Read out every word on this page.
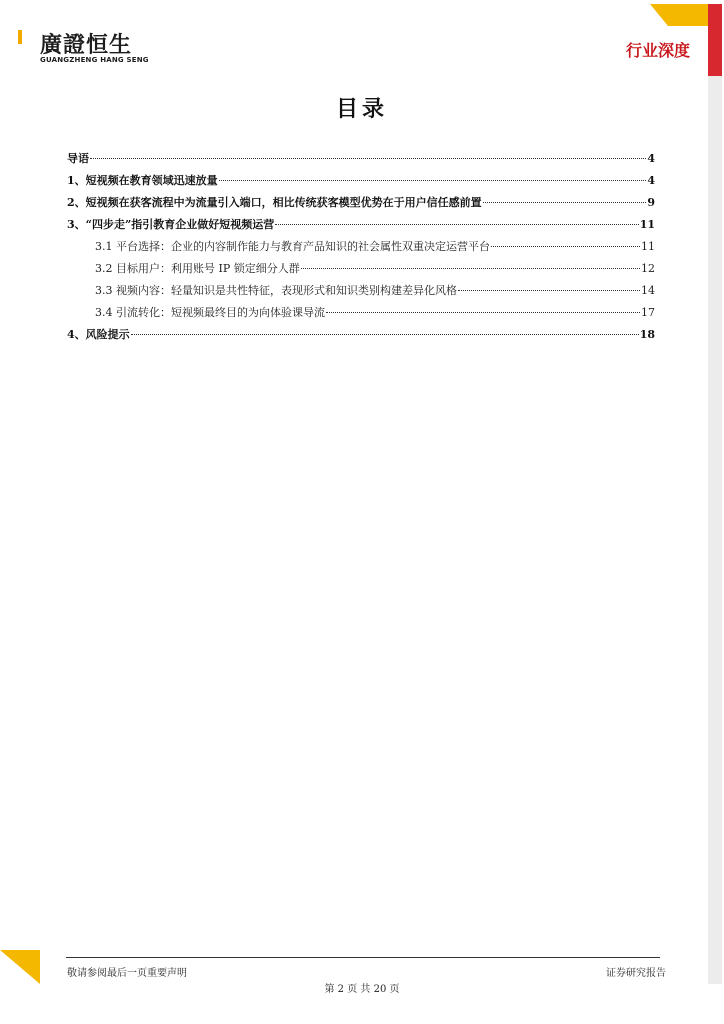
廣證恒生
GUANGZHENG HANG SENG	行业深度
目录
导语	4
1、短视频在教育领域迅速放量	4
2、短视频在获客流程中为流量引入端口，相比传统获客模型优势在于用户信任感前置	9
3、“四步走”指引教育企业做好短视频运营	11
3.1 平台选择：企业的内容制作能力与教育产品知识的社会属性双重决定运营平台	11
3.2 目标用户：利用账号 IP 锁定细分人群	12
3.3 视频内容：轻量知识是共性特征，表现形式和知识类别构建差异化风格	14
3.4 引流转化：短视频最终目的为向体验课导流	17
4、风险提示	18
敬请参阅最后一页重要声明	证券研究报告
第 2 页 共 20 页
